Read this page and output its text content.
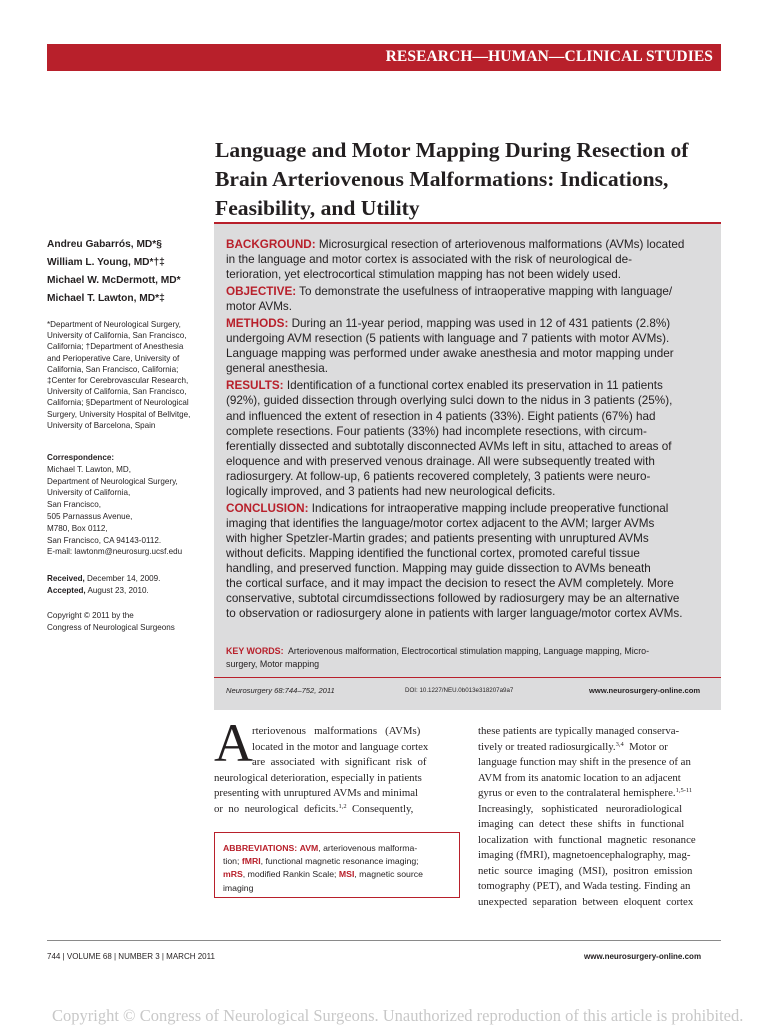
RESEARCH—HUMAN—CLINICAL STUDIES
Language and Motor Mapping During Resection of
Brain Arteriovenous Malformations: Indications,
Feasibility, and Utility
Andreu Gabarrós, MD*§
William L. Young, MD*†‡
Michael W. McDermott, MD*
Michael T. Lawton, MD*‡
*Department of Neurological Surgery,
University of California, San Francisco,
California; †Department of Anesthesia
and Perioperative Care, University of
California, San Francisco, California;
‡Center for Cerebrovascular Research,
University of California, San Francisco,
California; §Department of Neurological
Surgery, University Hospital of Bellvitge,
University of Barcelona, Spain
Correspondence:
Michael T. Lawton, MD,
Department of Neurological Surgery,
University of California,
San Francisco,
505 Parnassus Avenue,
M780, Box 0112,
San Francisco, CA 94143-0112.
E-mail: lawtonm@neurosurg.ucsf.edu
Received, December 14, 2009.
Accepted, August 23, 2010.
Copyright © 2011 by the
Congress of Neurological Surgeons
BACKGROUND: Microsurgical resection of arteriovenous malformations (AVMs) located
in the language and motor cortex is associated with the risk of neurological de-
terioration, yet electrocortical stimulation mapping has not been widely used.
OBJECTIVE: To demonstrate the usefulness of intraoperative mapping with language/
motor AVMs.
METHODS: During an 11-year period, mapping was used in 12 of 431 patients (2.8%)
undergoing AVM resection (5 patients with language and 7 patients with motor AVMs).
Language mapping was performed under awake anesthesia and motor mapping under
general anesthesia.
RESULTS: Identification of a functional cortex enabled its preservation in 11 patients
(92%), guided dissection through overlying sulci down to the nidus in 3 patients (25%),
and influenced the extent of resection in 4 patients (33%). Eight patients (67%) had
complete resections. Four patients (33%) had incomplete resections, with circum-
ferentially dissected and subtotally disconnected AVMs left in situ, attached to areas of
eloquence and with preserved venous drainage. All were subsequently treated with
radiosurgery. At follow-up, 6 patients recovered completely, 3 patients were neuro-
logically improved, and 3 patients had new neurological deficits.
CONCLUSION: Indications for intraoperative mapping include preoperative functional
imaging that identifies the language/motor cortex adjacent to the AVM; larger AVMs
with higher Spetzler-Martin grades; and patients presenting with unruptured AVMs
without deficits. Mapping identified the functional cortex, promoted careful tissue
handling, and preserved function. Mapping may guide dissection to AVMs beneath
the cortical surface, and it may impact the decision to resect the AVM completely. More
conservative, subtotal circumdissections followed by radiosurgery may be an alternative
to observation or radiosurgery alone in patients with larger language/motor cortex AVMs.
KEY WORDS:  Arteriovenous malformation, Electrocortical stimulation mapping, Language mapping, Micro-
surgery, Motor mapping
Neurosurgery 68:744–752, 2011	DOI: 10.1227/NEU.0b013e318207a9a7	www.neurosurgery-online.com
A rteriovenous   malformations   (AVMs)
located in the motor and language cortex
are  associated  with  significant  risk  of
neurological deterioration, especially in patients
presenting with unruptured AVMs and minimal
or  no  neurological  deficits.$^{1,2}$  Consequently,
ABBREVIATIONS: AVM, arteriovenous malforma-
tion; fMRI, functional magnetic resonance imaging;
mRS, modified Rankin Scale; MSI, magnetic source
imaging
these patients are typically managed conserva-
tively or treated radiosurgically.$^{3,4}$  Motor or
language function may shift in the presence of an
AVM from its anatomic location to an adjacent
gyrus or even to the contralateral hemisphere.$^{1,5-11}$
Increasingly,   sophisticated   neuroradiological
imaging  can  detect  these  shifts  in  functional
localization  with  functional  magnetic  resonance
imaging (fMRI), magnetoencephalography, mag-
netic  source  imaging  (MSI),  positron  emission
tomography (PET), and Wada testing. Finding an
unexpected  separation  between  eloquent  cortex
744 | VOLUME 68 | NUMBER 3 | MARCH 2011	www.neurosurgery-online.com
Copyright © Congress of Neurological Surgeons. Unauthorized reproduction of this article is prohibited.
